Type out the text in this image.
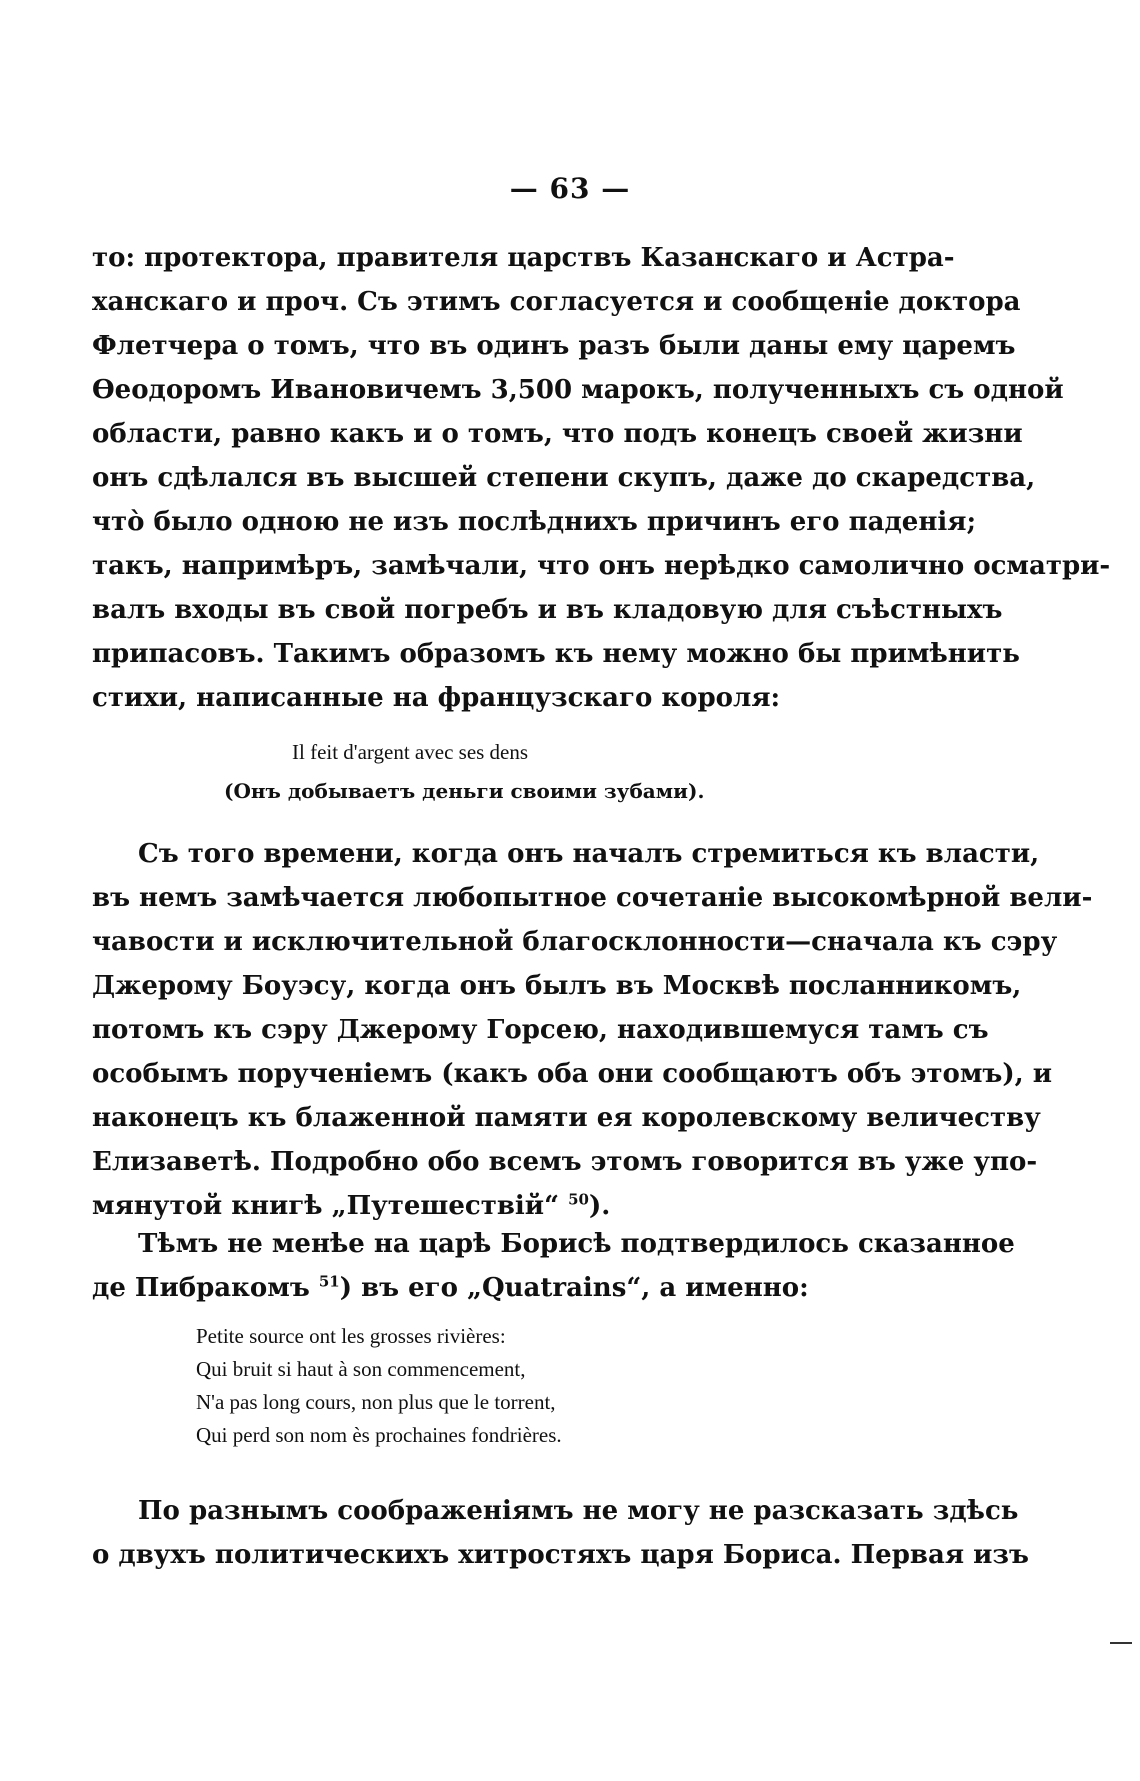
— 63 —
то: протектора, правителя царствъ Казанскаго и Астра-
ханскаго и проч. Съ этимъ согласуется и сообщеніе доктора
Флетчера о томъ, что въ одинъ разъ были даны ему царемъ
Өеодоромъ Ивановичемъ 3,500 марокъ, полученныхъ съ одной
области, равно какъ и о томъ, что подъ конецъ своей жизни
онъ сдѣлался въ высшей степени скупъ, даже до скаредства,
что̀ было одною не изъ послѣднихъ причинъ его паденія;
такъ, напримѣръ, замѣчали, что онъ нерѣдко самолично осматри-
валъ входы въ свой погребъ и въ кладовую для съѣстныхъ
припасовъ. Такимъ образомъ къ нему можно бы примѣнить
стихи, написанные на французскаго короля:
Il feit d'argent avec ses dens
(Онъ добываетъ деньги своими зубами).
Съ того времени, когда онъ началъ стремиться къ власти,
въ немъ замѣчается любопытное сочетаніе высокомѣрной вели-
чавости и исключительной благосклонности—сначала къ сэру
Джерому Боуэсу, когда онъ былъ въ Москвѣ посланникомъ,
потомъ къ сэру Джерому Горсею, находившемуся тамъ съ
особымъ порученіемъ (какъ оба они сообщаютъ объ этомъ), и
наконецъ къ блаженной памяти ея королевскому величеству
Елизаветѣ. Подробно обо всемъ этомъ говорится въ уже упо-
мянутой книгѣ „Путешествій“ $^{50}$).
Тѣмъ не менѣе на царѣ Борисѣ подтвердилось сказанное
де Пибракомъ $^{51}$) въ его „Quatrains“, а именно:
Petite source ont les grosses rivières:
Qui bruit si haut à son commencement,
N'a pas long cours, non plus que le torrent,
Qui perd son nom ès prochaines fondrières.
По разнымъ соображеніямъ не могу не разсказать здѣсь
о двухъ политическихъ хитростяхъ царя Бориса. Первая изъ
